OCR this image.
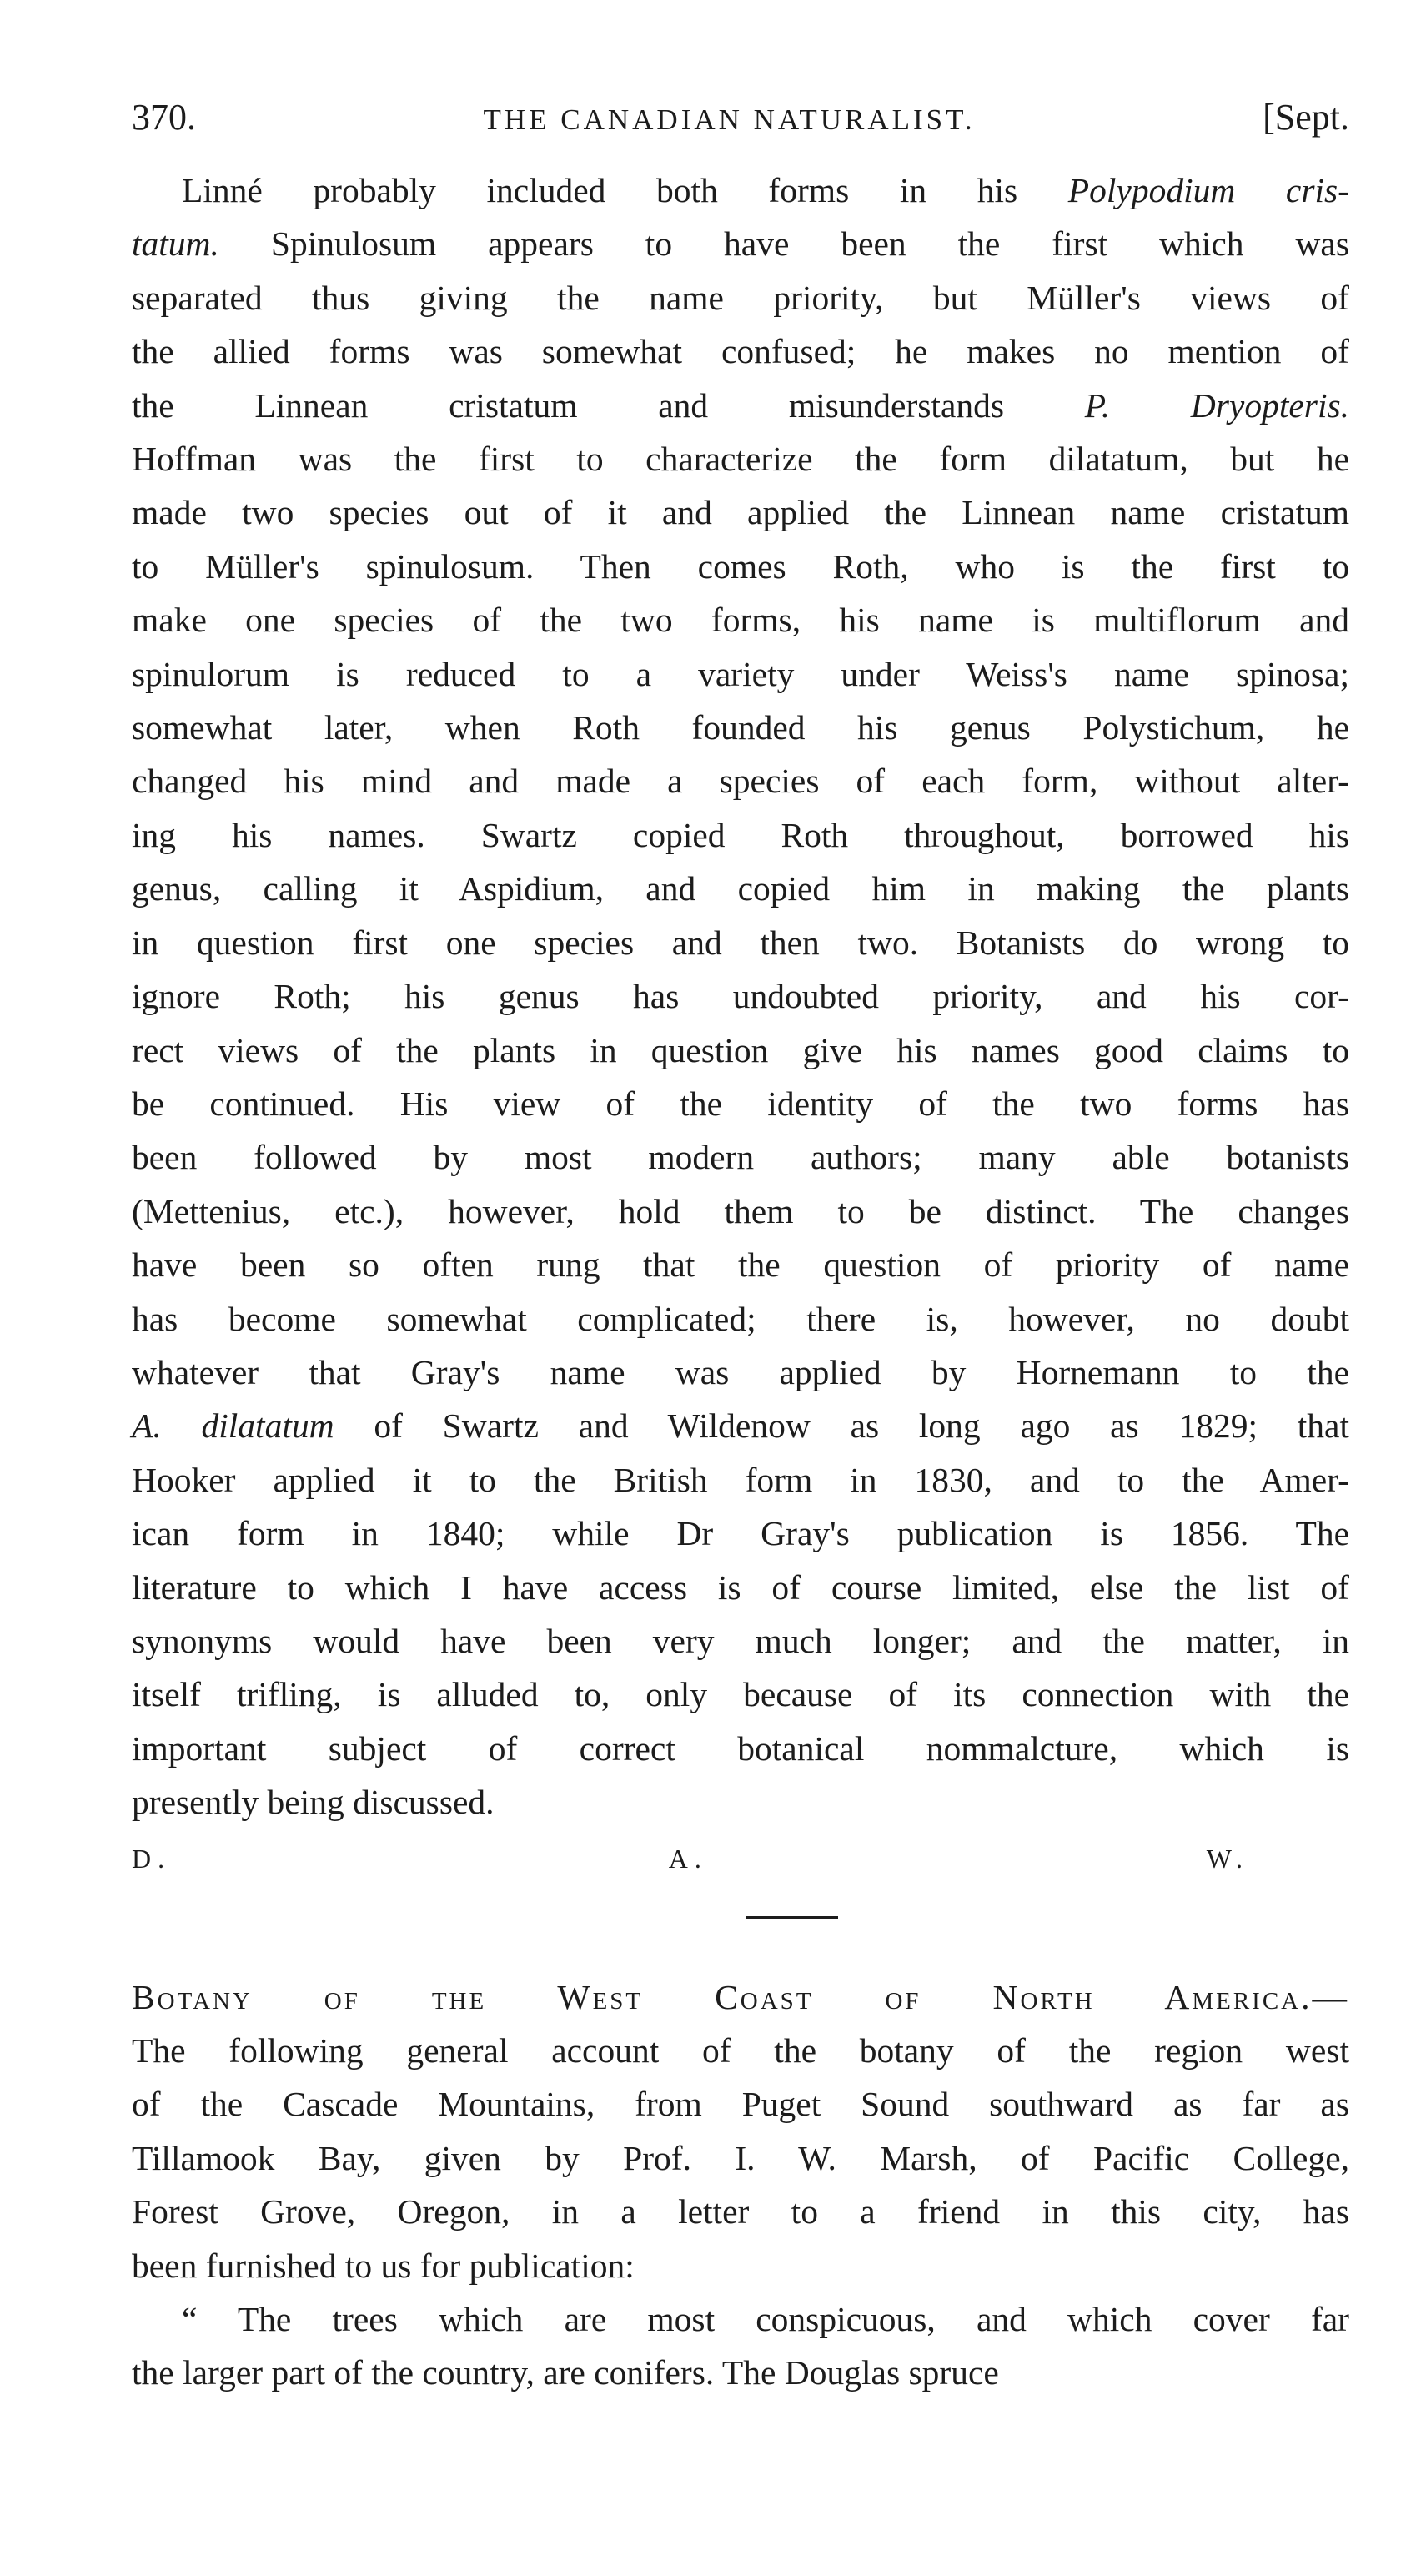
370.	THE CANADIAN NATURALIST.	[Sept.
Linné probably included both forms in his Polypodium cris-
tatum. Spinulosum appears to have been the first which was
separated thus giving the name priority, but Müller's views of
the allied forms was somewhat confused; he makes no mention of
the Linnean cristatum and misunderstands P. Dryopteris.
Hoffman was the first to characterize the form dilatatum, but he
made two species out of it and applied the Linnean name cristatum
to Müller's spinulosum. Then comes Roth, who is the first to
make one species of the two forms, his name is multiflorum and
spinulorum is reduced to a variety under Weiss's name spinosa;
somewhat later, when Roth founded his genus Polystichum, he
changed his mind and made a species of each form, without alter-
ing his names. Swartz copied Roth throughout, borrowed his
genus, calling it Aspidium, and copied him in making the plants
in question first one species and then two. Botanists do wrong to
ignore Roth; his genus has undoubted priority, and his cor-
rect views of the plants in question give his names good claims to
be continued. His view of the identity of the two forms has
been followed by most modern authors; many able botanists
(Mettenius, etc.), however, hold them to be distinct. The changes
have been so often rung that the question of priority of name
has become somewhat complicated; there is, however, no doubt
whatever that Gray's name was applied by Hornemann to the
A. dilatatum of Swartz and Wildenow as long ago as 1829; that
Hooker applied it to the British form in 1830, and to the Amer-
ican form in 1840; while Dr Gray's publication is 1856. The
literature to which I have access is of course limited, else the list of
synonyms would have been very much longer; and the matter, in
itself trifling, is alluded to, only because of its connection with the
important subject of correct botanical nommalcture, which is
presently being discussed.
D. A. W.
Botany of the West Coast of North America.—
The following general account of the botany of the region west
of the Cascade Mountains, from Puget Sound southward as far as
Tillamook Bay, given by Prof. I. W. Marsh, of Pacific College,
Forest Grove, Oregon, in a letter to a friend in this city, has
been furnished to us for publication:
“ The trees which are most conspicuous, and which cover far
the larger part of the country, are conifers. The Douglas spruce
